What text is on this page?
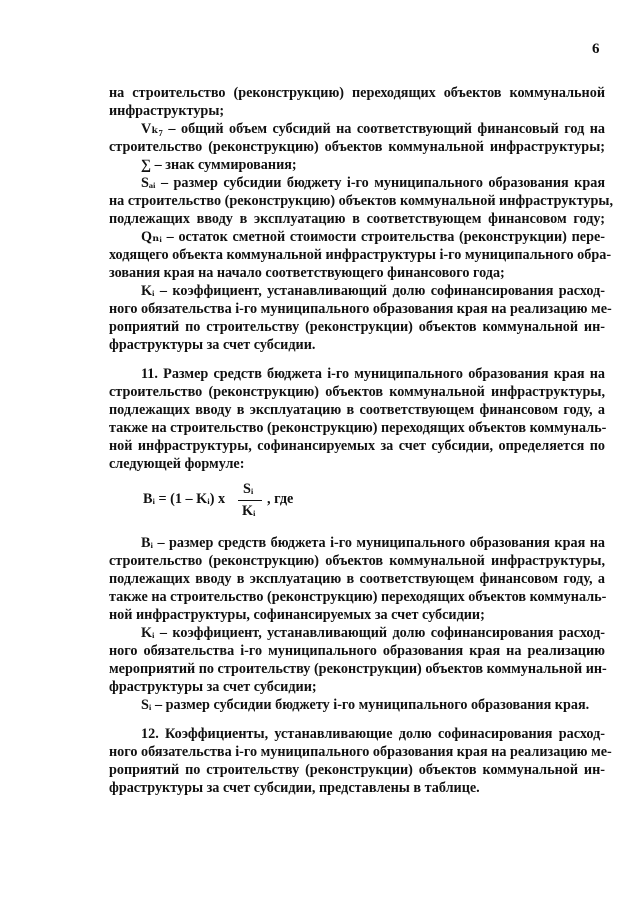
6
на строительство (реконструкцию) переходящих объектов коммунальной
инфраструктуры;
Vₖ₇ – общий объем субсидий на соответствующий финансовый год на
строительство (реконструкцию) объектов коммунальной инфраструктуры;
∑ – знак суммирования;
Sₐᵢ – размер субсидии бюджету i-го муниципального образования края
на строительство (реконструкцию) объектов коммунальной инфраструктуры,
подлежащих вводу в эксплуатацию в соответствующем финансовом году;
Qₙᵢ – остаток сметной стоимости строительства (реконструкции) пере-
ходящего объекта коммунальной инфраструктуры i-го муниципального обра-
зования края на начало соответствующего финансового года;
Kᵢ – коэффициент, устанавливающий долю софинансирования расход-
ного обязательства i-го муниципального образования края на реализацию ме-
роприятий по строительству (реконструкции) объектов коммунальной ин-
фраструктуры за счет субсидии.
11. Размер средств бюджета i-го муниципального образования края на
строительство (реконструкцию) объектов коммунальной инфраструктуры,
подлежащих вводу в эксплуатацию в соответствующем финансовом году, а
также на строительство (реконструкцию) переходящих объектов коммуналь-
ной инфраструктуры, софинансируемых за счет субсидии, определяется по
следующей формуле:
Bᵢ = (1 – Kᵢ) x
Sᵢ
Kᵢ
, где
Bᵢ – размер средств бюджета i-го муниципального образования края на
строительство (реконструкцию) объектов коммунальной инфраструктуры,
подлежащих вводу в эксплуатацию в соответствующем финансовом году, а
также на строительство (реконструкцию) переходящих объектов коммуналь-
ной инфраструктуры, софинансируемых за счет субсидии;
Kᵢ – коэффициент, устанавливающий долю софинансирования расход-
ного обязательства i-го муниципального образования края на реализацию
мероприятий по строительству (реконструкции) объектов коммунальной ин-
фраструктуры за счет субсидии;
Sᵢ – размер субсидии бюджету i-го муниципального образования края.
12. Коэффициенты, устанавливающие долю софинасирования расход-
ного обязательства i-го муниципального образования края на реализацию ме-
роприятий по строительству (реконструкции) объектов коммунальной ин-
фраструктуры за счет субсидии, представлены в таблице.
